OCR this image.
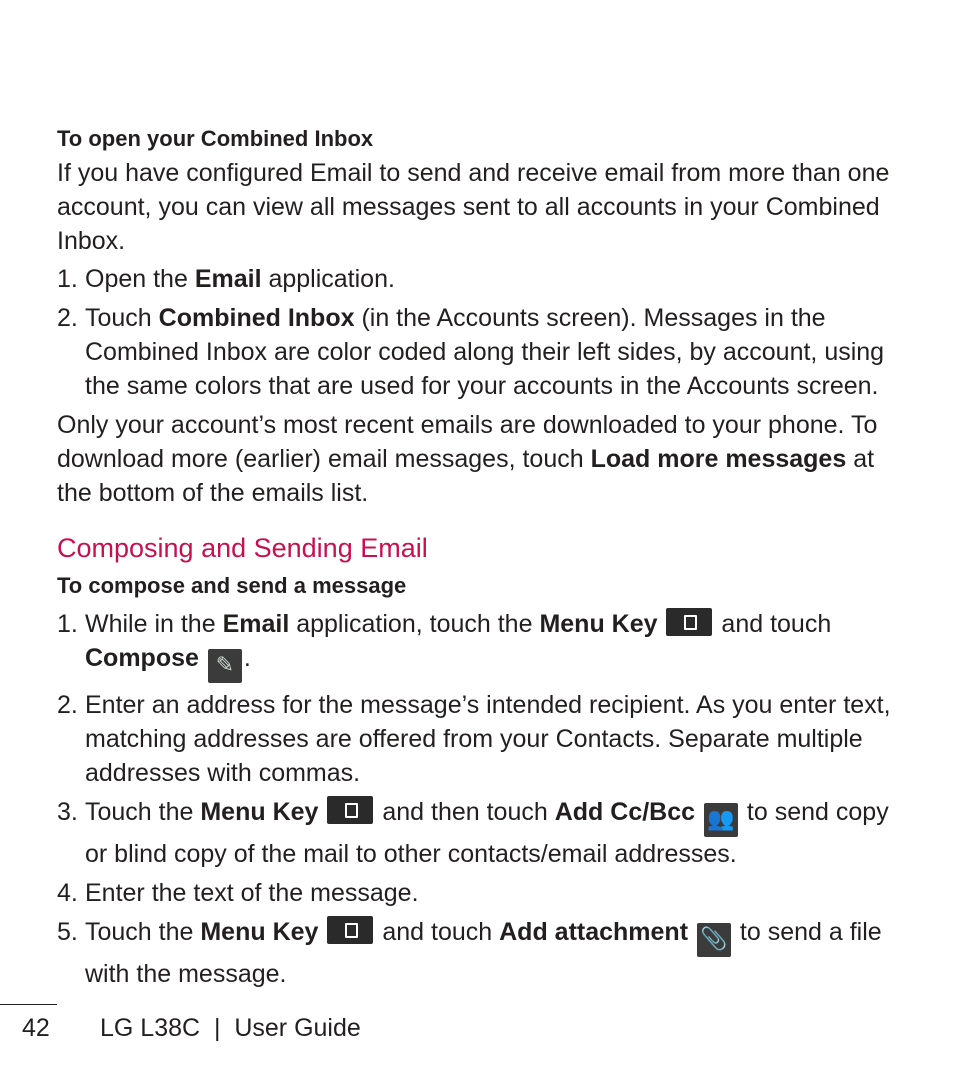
To open your Combined Inbox

If you have configured Email to send and receive email from more than one account, you can view all messages sent to all accounts in your Combined Inbox.

1. Open the Email application.
2. Touch Combined Inbox (in the Accounts screen). Messages in the Combined Inbox are color coded along their left sides, by account, using the same colors that are used for your accounts in the Accounts screen.

Only your account’s most recent emails are downloaded to your phone. To download more (earlier) email messages, touch Load more messages at the bottom of the emails list.

Composing and Sending Email
To compose and send a message
1. While in the Email application, touch the Menu Key  and touch
Compose ✎ .
2. Enter an address for the message’s intended recipient. As you enter text, matching addresses are offered from your Contacts. Separate multiple addresses with commas.
3. Touch the Menu Key  and then touch Add Cc/Bcc 👥 to send copy or blind copy of the mail to other contacts/email addresses.
4. Enter the text of the message.
5. Touch the Menu Key  and touch Add attachment 📎 to send a file with the message.
42 LG L38C  |  User Guide
